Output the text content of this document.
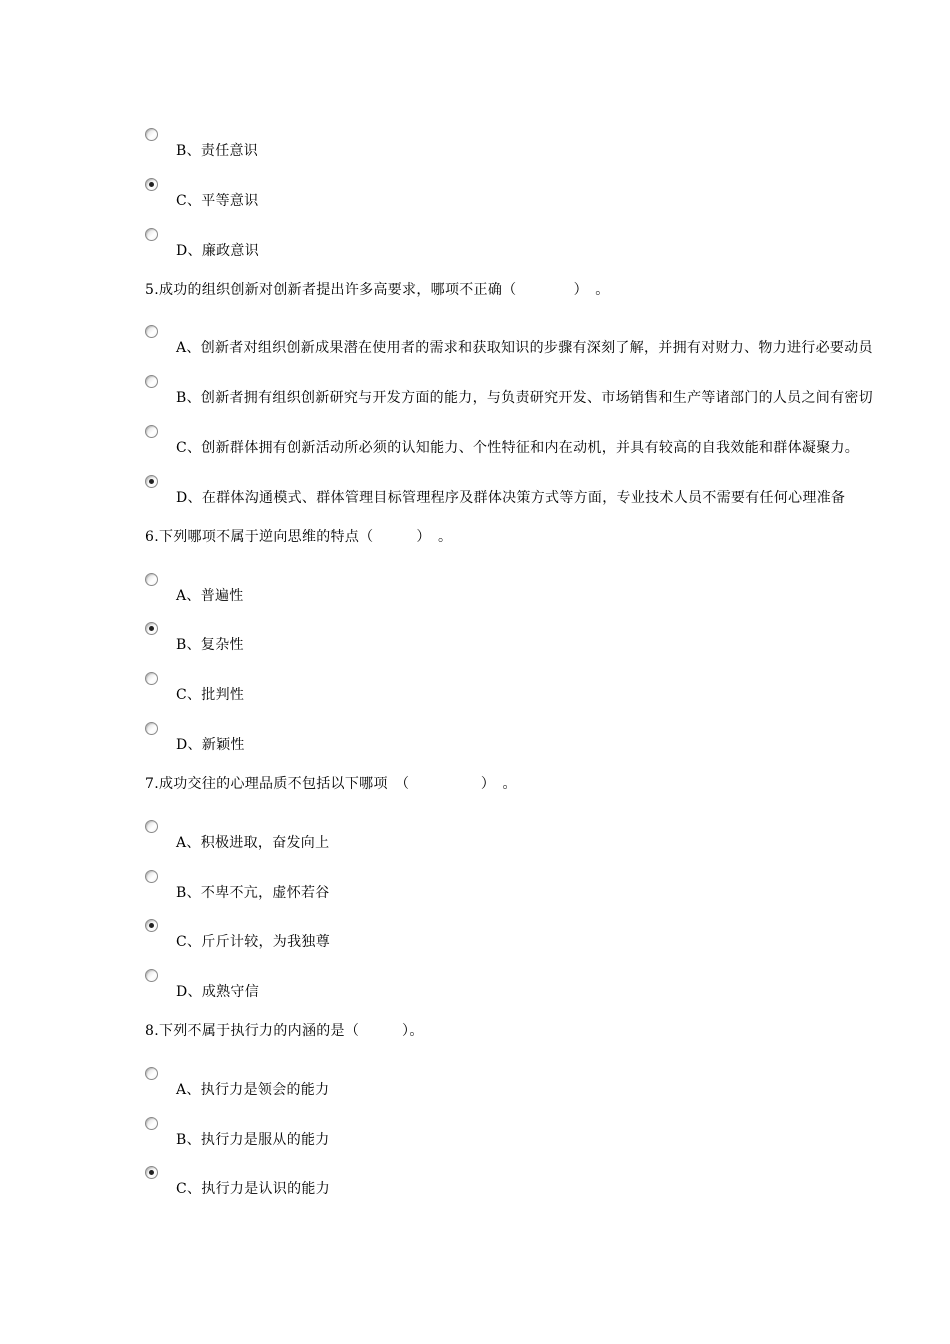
B、责任意识
C、平等意识
D、廉政意识
5.成功的组织创新对创新者提出许多高要求，哪项不正确（　　　　）　。
A、创新者对组织创新成果潜在使用者的需求和获取知识的步骤有深刻了解，并拥有对财力、物力进行必要动员
B、创新者拥有组织创新研究与开发方面的能力，与负责研究开发、市场销售和生产等诸部门的人员之间有密切
C、创新群体拥有创新活动所必须的认知能力、个性特征和内在动机，并具有较高的自我效能和群体凝聚力。
D、在群体沟通模式、群体管理目标管理程序及群体决策方式等方面，专业技术人员不需要有任何心理准备
6.下列哪项不属于逆向思维的特点（　　　）　。
A、普遍性
B、复杂性
C、批判性
D、新颖性
7.成功交往的心理品质不包括以下哪项　（　　　　　）　。
A、积极进取，奋发向上
B、不卑不亢，虚怀若谷
C、斤斤计较，为我独尊
D、成熟守信
8.下列不属于执行力的内涵的是（　　　）。
A、执行力是领会的能力
B、执行力是服从的能力
C、执行力是认识的能力
